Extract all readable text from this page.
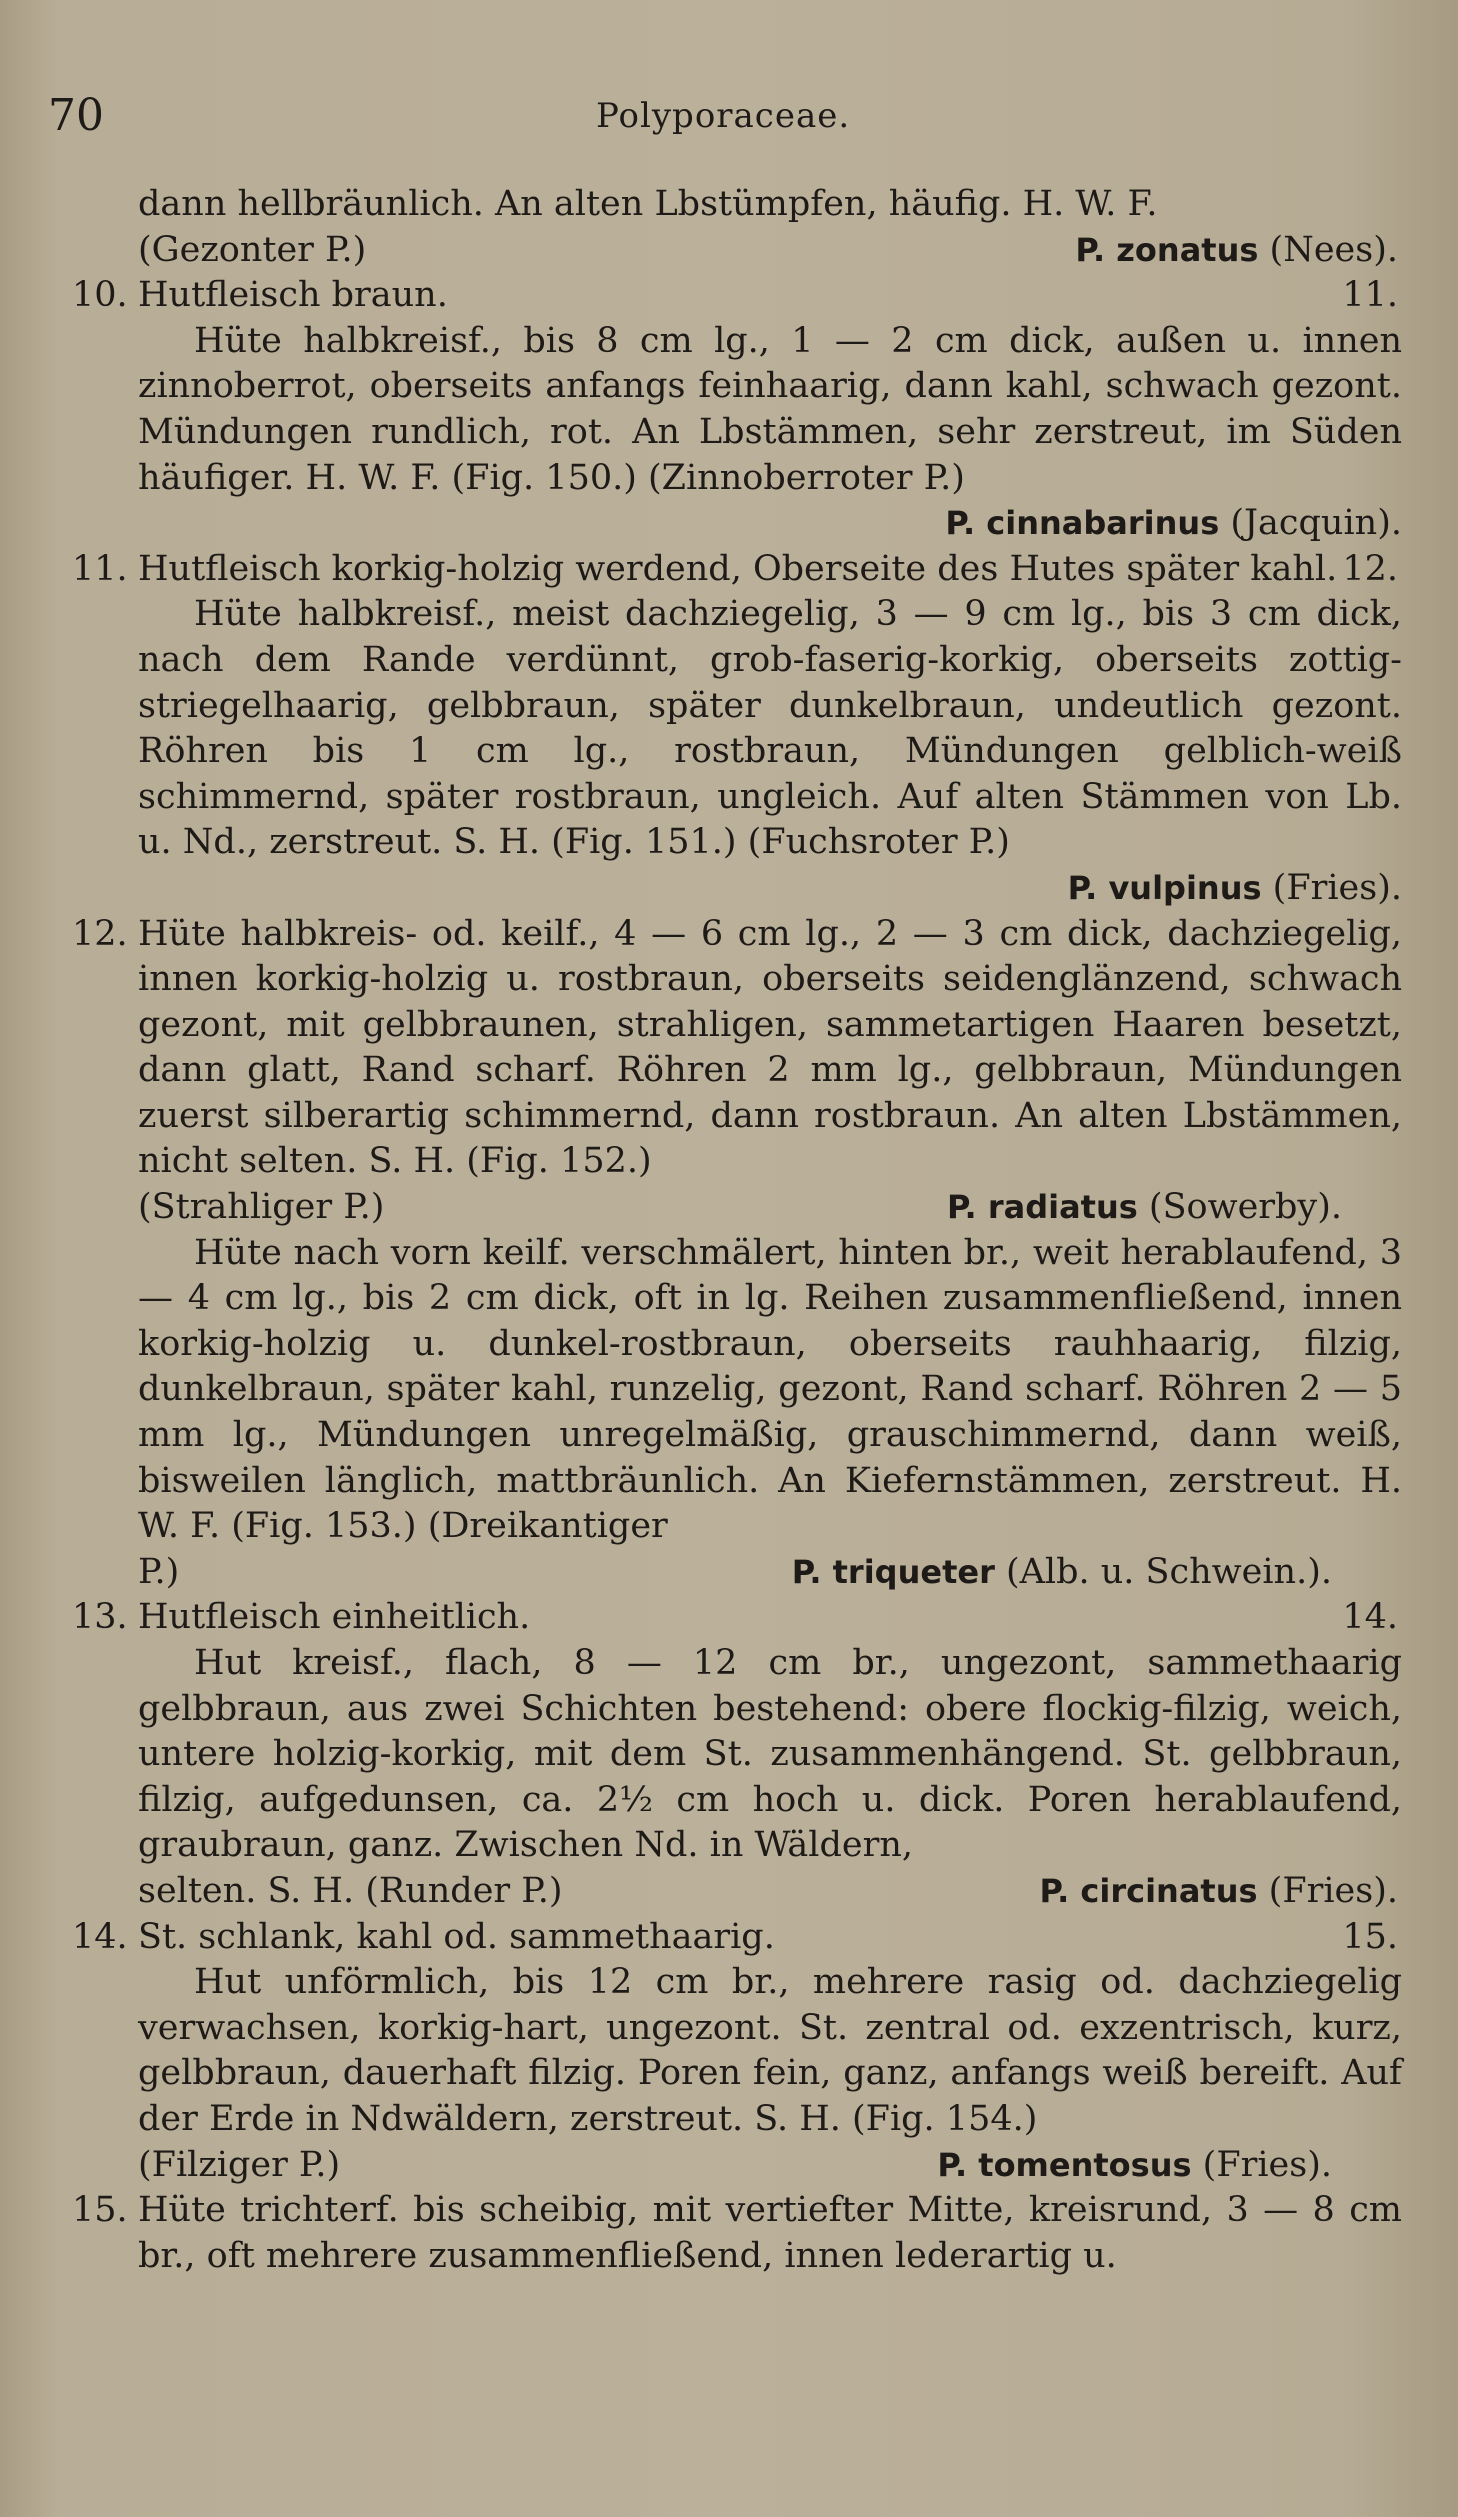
70	Polyporaceae.
dann hellbräunlich. An alten Lbstümpfen, häufig. H. W. F.
(Gezonter P.)	P. zonatus (Nees).
10. Hutfleisch braun.	11.
Hüte halbkreisf., bis 8 cm lg., 1 — 2 cm dick, außen u. innen zinnoberrot, oberseits anfangs feinhaarig, dann kahl, schwach gezont. Mündungen rundlich, rot. An Lbstämmen, sehr zerstreut, im Süden häufiger. H. W. F. (Fig. 150.) (Zinnoberroter P.)
P. cinnabarinus (Jacquin).
11. Hutfleisch korkig-holzig werdend, Oberseite des Hutes später kahl. 12.
Hüte halbkreisf., meist dachziegelig, 3 — 9 cm lg., bis 3 cm dick, nach dem Rande verdünnt, grob-faserig-korkig, oberseits zottig-striegelhaarig, gelbbraun, später dunkelbraun, undeutlich gezont. Röhren bis 1 cm lg., rostbraun, Mündungen gelblich-weiß schimmernd, später rostbraun, ungleich. Auf alten Stämmen von Lb. u. Nd., zerstreut. S. H. (Fig. 151.) (Fuchsroter P.)
P. vulpinus (Fries).
12. Hüte halbkreis- od. keilf., 4 — 6 cm lg., 2 — 3 cm dick, dachziegelig, innen korkig-holzig u. rostbraun, oberseits seidenglänzend, schwach gezont, mit gelbbraunen, strahligen, sammetartigen Haaren besetzt, dann glatt, Rand scharf. Röhren 2 mm lg., gelbbraun, Mündungen zuerst silberartig schimmernd, dann rostbraun. An alten Lbstämmen, nicht selten. S. H. (Fig. 152.)
(Strahliger P.)	P. radiatus (Sowerby).
Hüte nach vorn keilf. verschmälert, hinten br., weit herablaufend, 3 — 4 cm lg., bis 2 cm dick, oft in lg. Reihen zusammenfließend, innen korkig-holzig u. dunkel-rostbraun, oberseits rauhhaarig, filzig, dunkelbraun, später kahl, runzelig, gezont, Rand scharf. Röhren 2 — 5 mm lg., Mündungen unregelmäßig, grauschimmernd, dann weiß, bisweilen länglich, mattbräunlich. An Kiefernstämmen, zerstreut. H. W. F. (Fig. 153.) (Dreikantiger
P.)	P. triqueter (Alb. u. Schwein.).
13. Hutfleisch einheitlich.	14.
Hut kreisf., flach, 8 — 12 cm br., ungezont, sammethaarig gelbbraun, aus zwei Schichten bestehend: obere flockig-filzig, weich, untere holzig-korkig, mit dem St. zusammenhängend. St. gelbbraun, filzig, aufgedunsen, ca. 2½ cm hoch u. dick. Poren herablaufend, graubraun, ganz. Zwischen Nd. in Wäldern,
selten. S. H. (Runder P.)	P. circinatus (Fries).
14. St. schlank, kahl od. sammethaarig.	15.
Hut unförmlich, bis 12 cm br., mehrere rasig od. dachziegelig verwachsen, korkig-hart, ungezont. St. zentral od. exzentrisch, kurz, gelbbraun, dauerhaft filzig. Poren fein, ganz, anfangs weiß bereift. Auf der Erde in Ndwäldern, zerstreut. S. H. (Fig. 154.)
(Filziger P.)	P. tomentosus (Fries).
15. Hüte trichterf. bis scheibig, mit vertiefter Mitte, kreisrund, 3 — 8 cm br., oft mehrere zusammenfließend, innen lederartig u.
